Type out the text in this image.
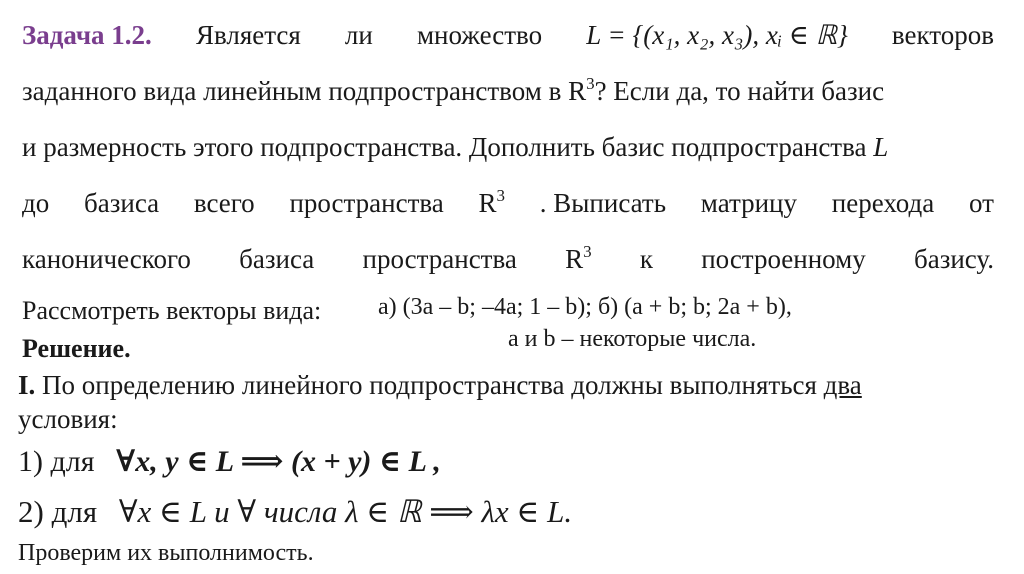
Задача 1.2. Является ли множество L = {(x₁, x₂, x₃), xᵢ ∈ ℝ} векторов
заданного вида линейным подпространством в $R^3$? Если да, то найти базис
и размерность этого подпространства. Дополнить базис подпространства L
до базиса всего пространства $R^3$ . Выписать матрицу перехода от
канонического базиса пространства $R^3$ к построенному базису.
Рассмотреть векторы вида: а) (3a – b; –4a; 1 – b); б) (a + b; b; 2a + b),
Решение.	a и b – некоторые числа.
I. По определению линейного подпространства должны выполняться два
условия:
1) для ∀x, y ∈ L ⟹ (x + y) ∈ L ,
2) для ∀x ∈ L и ∀ числа λ ∈ ℝ ⟹ λx ∈ L.
Проверим их выполнимость.
